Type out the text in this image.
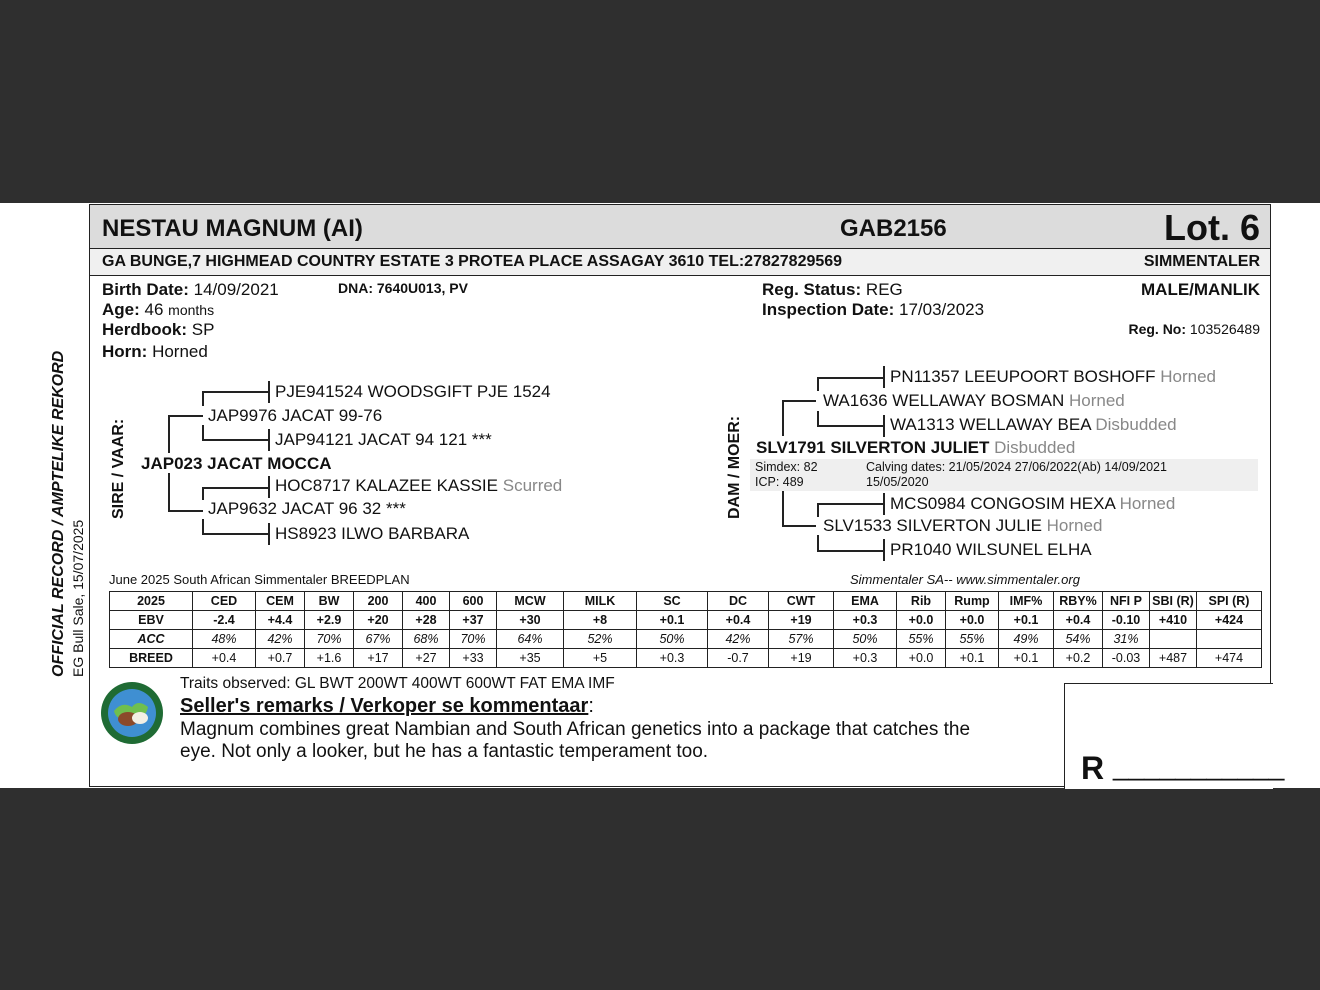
OFFICIAL RECORD / AMPTELIKE REKORD EG Bull Sale, 15/07/2025
NESTAU MAGNUM (AI)	GAB2156	Lot. 6
GA BUNGE,7 HIGHMEAD COUNTRY ESTATE 3 PROTEA PLACE ASSAGAY 3610 TEL:27827829569	SIMMENTALER
Birth Date: 14/09/2021	DNA: 7640U013, PV
Age: 46 months
Herdbook: SP
Horn: Horned
Reg. Status: REG
Inspection Date: 17/03/2023
MALE/MANLIK
Reg. No: 103526489
SIRE / VAAR: JAP023 JACAT MOCCA
JAP9976 JACAT 99-76
PJE941524 WOODSGIFT PJE 1524
JAP94121 JACAT 94 121 ***
JAP9632 JACAT 96 32 ***
HOC8717 KALAZEE KASSIE Scurred
HS8923 ILWO BARBARA
DAM / MOER: SLV1791 SILVERTON JULIET Disbudded
WA1636 WELLAWAY BOSMAN Horned
PN11357 LEEUPOORT BOSHOFF Horned
WA1313 WELLAWAY BEA Disbudded
Simdex: 82
ICP: 489
Calving dates: 21/05/2024 27/06/2022(Ab) 14/09/2021
15/05/2020
SLV1533 SILVERTON JULIE Horned
MCS0984 CONGOSIM HEXA Horned
PR1040 WILSUNEL ELHA
June 2025 South African Simmentaler BREEDPLAN	Simmentaler SA-- www.simmentaler.org
2025	CED	CEM	BW	200	400	600	MCW	MILK	SC	DC	CWT	EMA	Rib	Rump	IMF%	RBY%	NFI P	SBI (R)	SPI (R)
EBV	-2.4	+4.4	+2.9	+20	+28	+37	+30	+8	+0.1	+0.4	+19	+0.3	+0.0	+0.0	+0.1	+0.4	-0.10	+410	+424
ACC	48%	42%	70%	67%	68%	70%	64%	52%	50%	42%	57%	50%	55%	55%	49%	54%	31%		
BREED	+0.4	+0.7	+1.6	+17	+27	+33	+35	+5	+0.3	-0.7	+19	+0.3	+0.0	+0.1	+0.1	+0.2	-0.03	+487	+474
Traits observed: GL BWT 200WT 400WT 600WT FAT EMA IMF
Seller's remarks / Verkoper se kommentaar:
Magnum combines great Nambian and South African genetics into a package that catches the
eye. Not only a looker, but he has a fantastic temperament too.	R ___________
